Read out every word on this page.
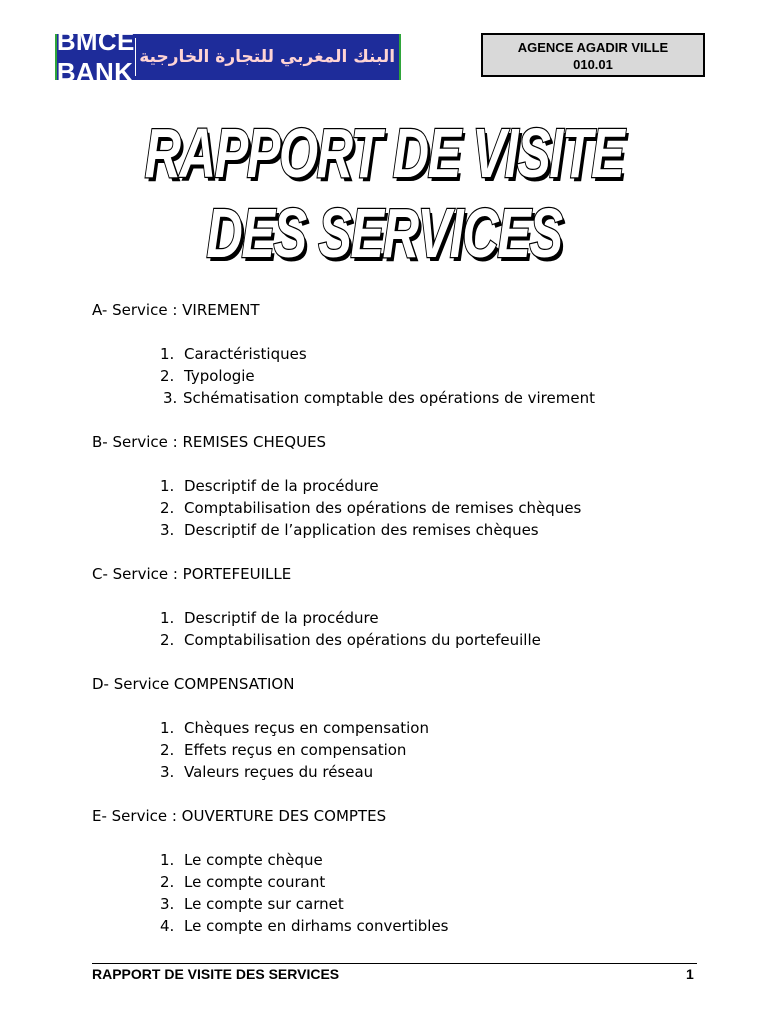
BMCE BANK البنك المغربي للتجارة الخارجية	AGENCE AGADIR VILLE
010.01
RAPPORT DE VISITE
DES SERVICES
A- Service : VIREMENT
1. Caractéristiques
2. Typologie
3. Schématisation comptable des opérations de virement
B- Service : REMISES CHEQUES
1. Descriptif de la procédure
2. Comptabilisation des opérations de remises chèques
3. Descriptif de l’application des remises chèques
C- Service : PORTEFEUILLE
1. Descriptif de la procédure
2. Comptabilisation des opérations du portefeuille
D- Service COMPENSATION
1. Chèques reçus en compensation
2. Effets reçus en compensation
3. Valeurs reçues du réseau
E- Service : OUVERTURE DES COMPTES
1. Le compte chèque
2. Le compte courant
3. Le compte sur carnet
4. Le compte en dirhams convertibles
RAPPORT DE VISITE DES SERVICES	1
